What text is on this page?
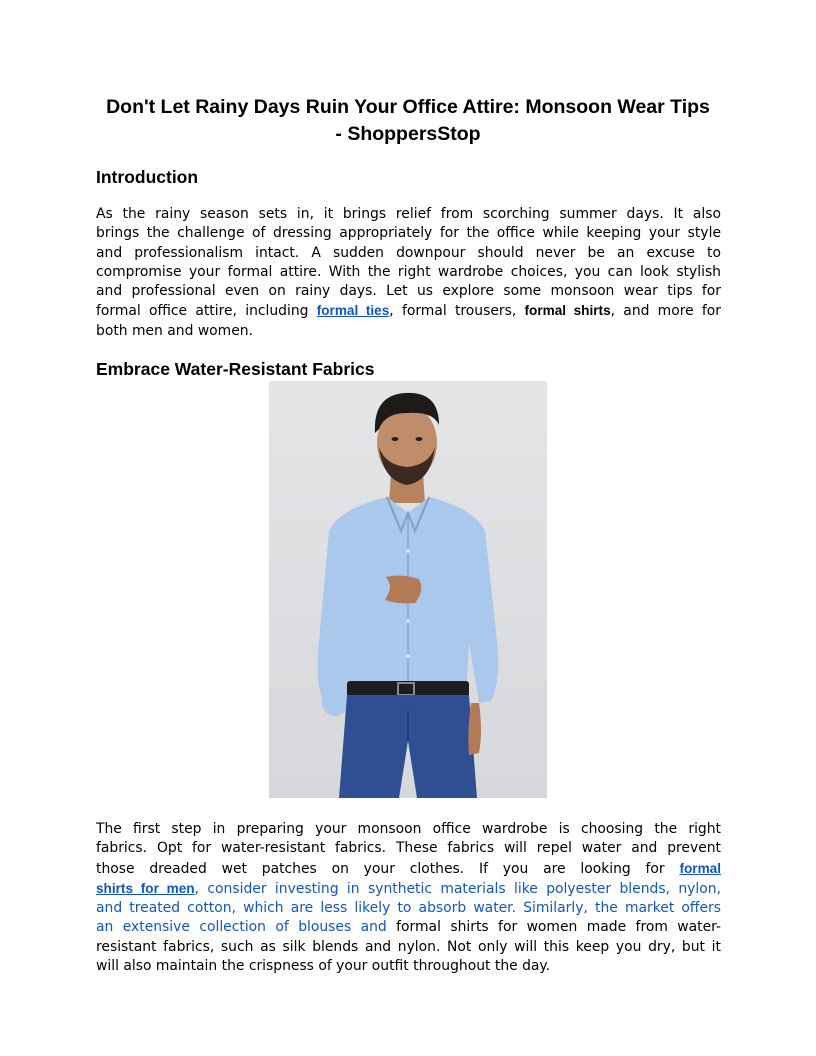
Don't Let Rainy Days Ruin Your Office Attire: Monsoon Wear Tips
- ShoppersStop
Introduction
As the rainy season sets in, it brings relief from scorching summer days. It also
brings the challenge of dressing appropriately for the office while keeping your style
and professionalism intact. A sudden downpour should never be an excuse to
compromise your formal attire. With the right wardrobe choices, you can look stylish
and professional even on rainy days. Let us explore some monsoon wear tips for
formal office attire, including formal ties, formal trousers, formal shirts, and more for
both men and women.
Embrace Water-Resistant Fabrics
The first step in preparing your monsoon office wardrobe is choosing the right
fabrics. Opt for water-resistant fabrics. These fabrics will repel water and prevent
those dreaded wet patches on your clothes. If you are looking for formal
shirts for men, consider investing in synthetic materials like polyester blends, nylon,
and treated cotton, which are less likely to absorb water. Similarly, the market offers
an extensive collection of blouses and formal shirts for women made from water-
resistant fabrics, such as silk blends and nylon. Not only will this keep you dry, but it
will also maintain the crispness of your outfit throughout the day.
